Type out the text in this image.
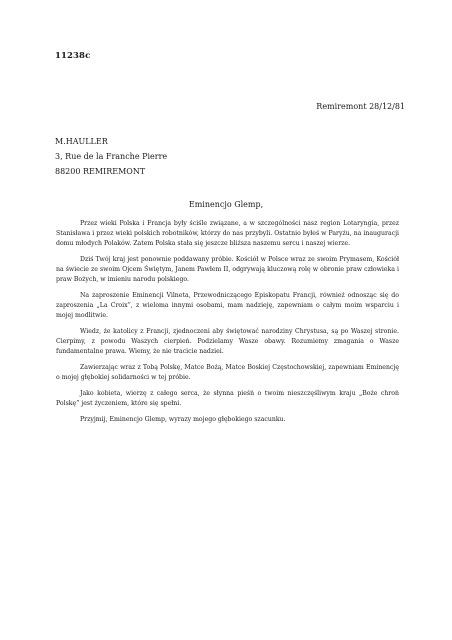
11238c
Remiremont 28/12/81
M.HAULLER
3, Rue de la Franche Pierre
88200 REMIREMONT
Eminencjo Glemp,

Przez wieki Polska i Francja były ściśle związane, a w szczególności nasz region Lotaryngia, przez Stanisława i przez wieki polskich robotników, którzy do nas przybyli. Ostatnio byłeś w Paryżu, na inauguracji domu młodych Polaków. Zatem Polska stała się jeszcze bliższa naszemu sercu i naszej wierze.

Dziś Twój kraj jest ponownie poddawany próbie. Kościół w Polsce wraz ze swoim Prymasem, Kościół na świecie ze swoim Ojcem Świętym, Janem Pawłem II, odgrywają kluczową rolę w obronie praw człowieka i praw Bożych, w imieniu narodu polskiego.

Na zaproszenie Eminencji Vilneta, Przewodniczącego Episkopatu Francji, również odnosząc się do zaproszenia „La Croix”, z wieloma innymi osobami, mam nadzieję, zapewniam o całym moim wsparciu i mojej modlitwie.

Wiedz, że katolicy z Francji, zjednoczeni aby świętować narodziny Chrystusa, są po Waszej stronie. Cierpimy, z powodu Waszych cierpień. Podzielamy Wasze obawy. Rozumiemy zmagania o Wasze fundamentalne prawa. Wiemy, że nie tracicie nadziei.

Zawierzając wraz z Tobą Polskę, Matce Bożą, Matce Boskiej Częstochowskiej, zapewniam Eminencję o mojej głębokiej solidarności w tej próbie.

Jako kobieta, wierzę z całego serca, że słynna pieśń o twoim nieszczęśliwym kraju „Boże chroń Polskę” jest życzeniem, które się spełni.

Przyjmij, Eminencjo Glemp, wyrazy mojego głębokiego szacunku.
